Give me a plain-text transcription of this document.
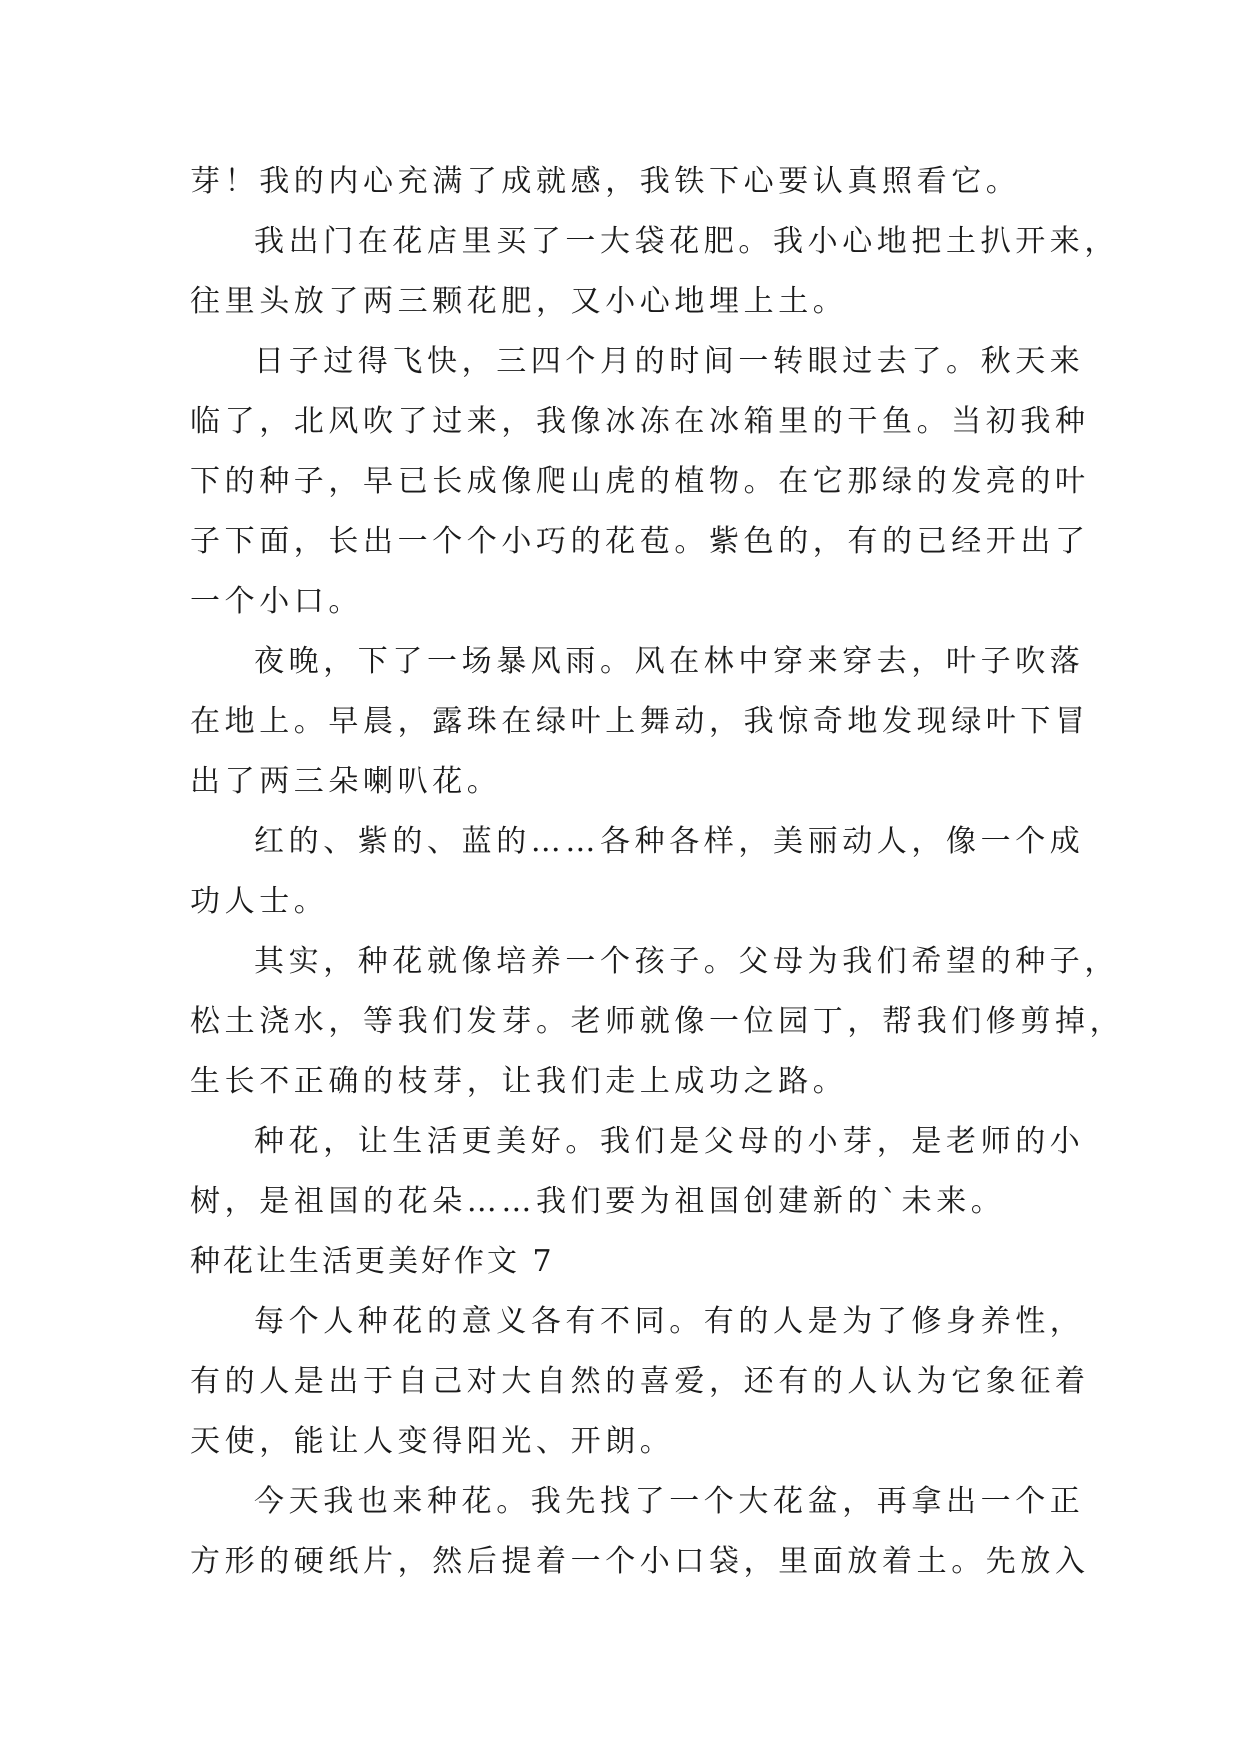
芽！我的内心充满了成就感，我铁下心要认真照看它。
我出门在花店里买了一大袋花肥。我小心地把土扒开来，
往里头放了两三颗花肥，又小心地埋上土。
日子过得飞快，三四个月的时间一转眼过去了。秋天来
临了，北风吹了过来，我像冰冻在冰箱里的干鱼。当初我种
下的种子，早已长成像爬山虎的植物。在它那绿的发亮的叶
子下面，长出一个个小巧的花苞。紫色的，有的已经开出了
一个小口。
夜晚，下了一场暴风雨。风在林中穿来穿去，叶子吹落
在地上。早晨，露珠在绿叶上舞动，我惊奇地发现绿叶下冒
出了两三朵喇叭花。
红的、紫的、蓝的……各种各样，美丽动人，像一个成
功人士。
其实，种花就像培养一个孩子。父母为我们希望的种子，
松土浇水，等我们发芽。老师就像一位园丁，帮我们修剪掉，
生长不正确的枝芽，让我们走上成功之路。
种花，让生活更美好。我们是父母的小芽，是老师的小
树，是祖国的花朵……我们要为祖国创建新的`未来。
种花让生活更美好作文 7
每个人种花的意义各有不同。有的人是为了修身养性，
有的人是出于自己对大自然的喜爱，还有的人认为它象征着
天使，能让人变得阳光、开朗。
今天我也来种花。我先找了一个大花盆，再拿出一个正
方形的硬纸片，然后提着一个小口袋，里面放着土。先放入
